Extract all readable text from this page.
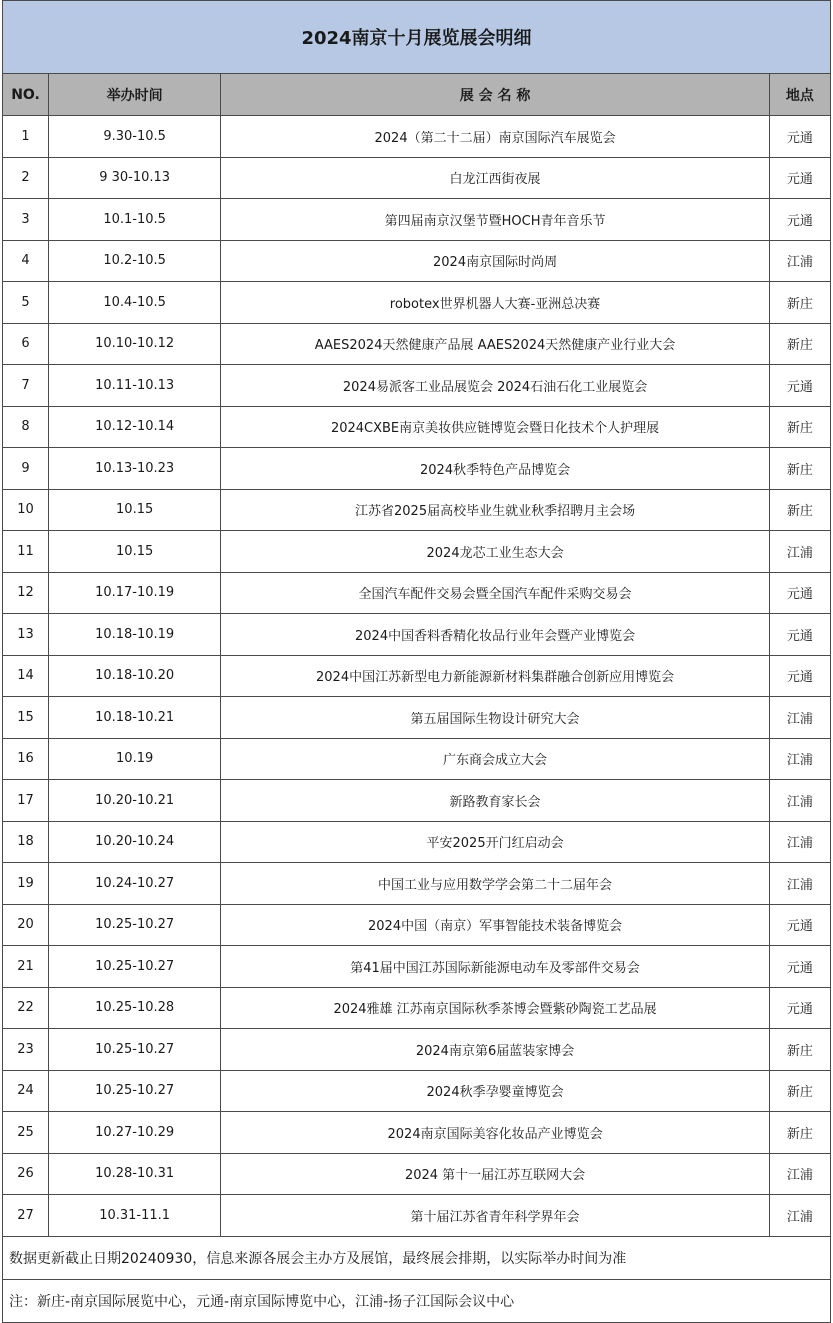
2024南京十月展览展会明细			
NO.	举办时间	展 会 名 称	地点
1	9.30-10.5	2024（第二十二届）南京国际汽车展览会	元通
2	9 30-10.13	白龙江西街夜展	元通
3	10.1-10.5	第四届南京汉堡节暨HOCH青年音乐节	元通
4	10.2-10.5	2024南京国际时尚周	江浦
5	10.4-10.5	robotex世界机器人大赛-亚洲总决赛	新庄
6	10.10-10.12	AAES2024天然健康产品展 AAES2024天然健康产业行业大会	新庄
7	10.11-10.13	2024易派客工业品展览会 2024石油石化工业展览会	元通
8	10.12-10.14	2024CXBE南京美妆供应链博览会暨日化技术个人护理展	新庄
9	10.13-10.23	2024秋季特色产品博览会	新庄
10	10.15	江苏省2025届高校毕业生就业秋季招聘月主会场	新庄
11	10.15	2024龙芯工业生态大会	江浦
12	10.17-10.19	全国汽车配件交易会暨全国汽车配件采购交易会	元通
13	10.18-10.19	2024中国香料香精化妆品行业年会暨产业博览会	元通
14	10.18-10.20	2024中国江苏新型电力新能源新材料集群融合创新应用博览会	元通
15	10.18-10.21	第五届国际生物设计研究大会	江浦
16	10.19	广东商会成立大会	江浦
17	10.20-10.21	新路教育家长会	江浦
18	10.20-10.24	平安2025开门红启动会	江浦
19	10.24-10.27	中国工业与应用数学学会第二十二届年会	江浦
20	10.25-10.27	2024中国（南京）军事智能技术装备博览会	元通
21	10.25-10.27	第41届中国江苏国际新能源电动车及零部件交易会	元通
22	10.25-10.28	2024雅雄 江苏南京国际秋季茶博会暨紫砂陶瓷工艺品展	元通
23	10.25-10.27	2024南京第6届蓝装家博会	新庄
24	10.25-10.27	2024秋季孕婴童博览会	新庄
25	10.27-10.29	2024南京国际美容化妆品产业博览会	新庄
26	10.28-10.31	2024 第十一届江苏互联网大会	江浦
27	10.31-11.1	第十届江苏省青年科学界年会	江浦
数据更新截止日期20240930，信息来源各展会主办方及展馆，最终展会排期，以实际举办时间为准			
注：新庄-南京国际展览中心，元通-南京国际博览中心，江浦-扬子江国际会议中心			
